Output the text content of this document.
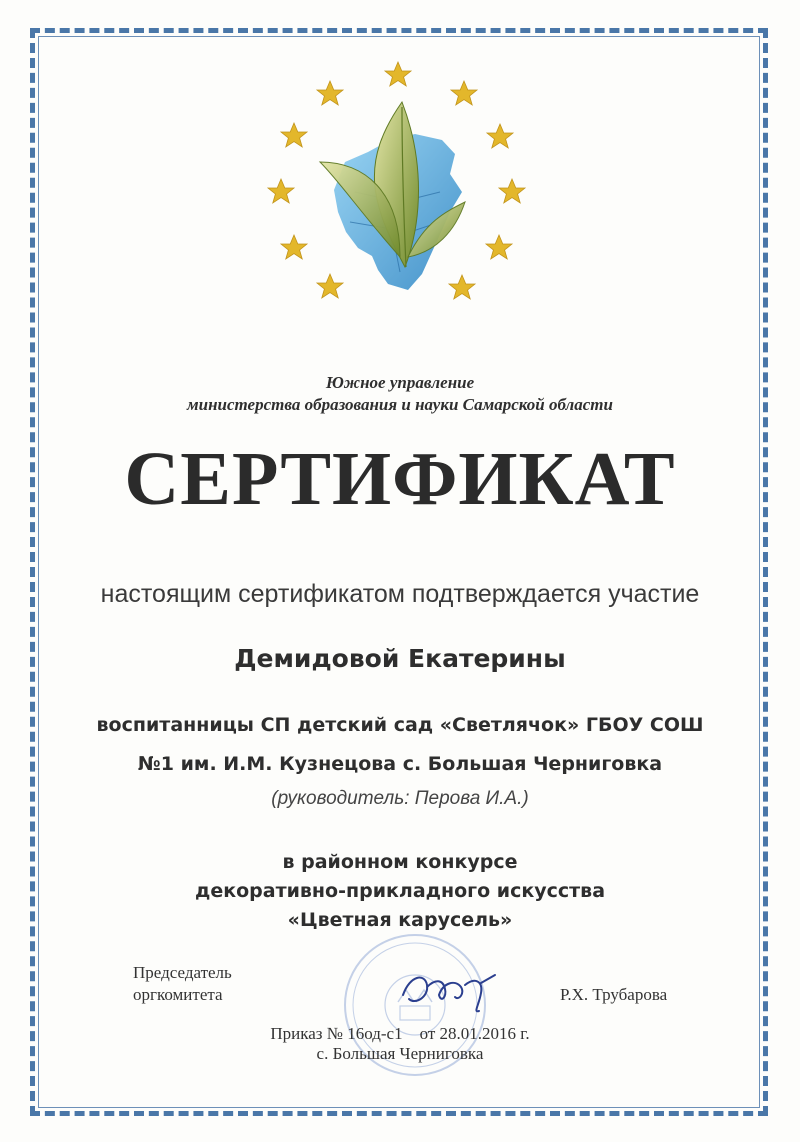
Южное управление
министерства образования и науки Самарской области
СЕРТИФИКАТ
настоящим сертификатом подтверждается участие
Демидовой Екатерины
воспитанницы СП детский сад «Светлячок» ГБОУ СОШ
№1 им. И.М. Кузнецова с. Большая Черниговка
(руководитель: Перова И.А.)
в районном конкурсе
декоративно-прикладного искусства
«Цветная карусель»
Председатель
оргкомитета	Р.Х. Трубарова
Приказ № 16од-с1    от 28.01.2016 г.
с. Большая Черниговка
